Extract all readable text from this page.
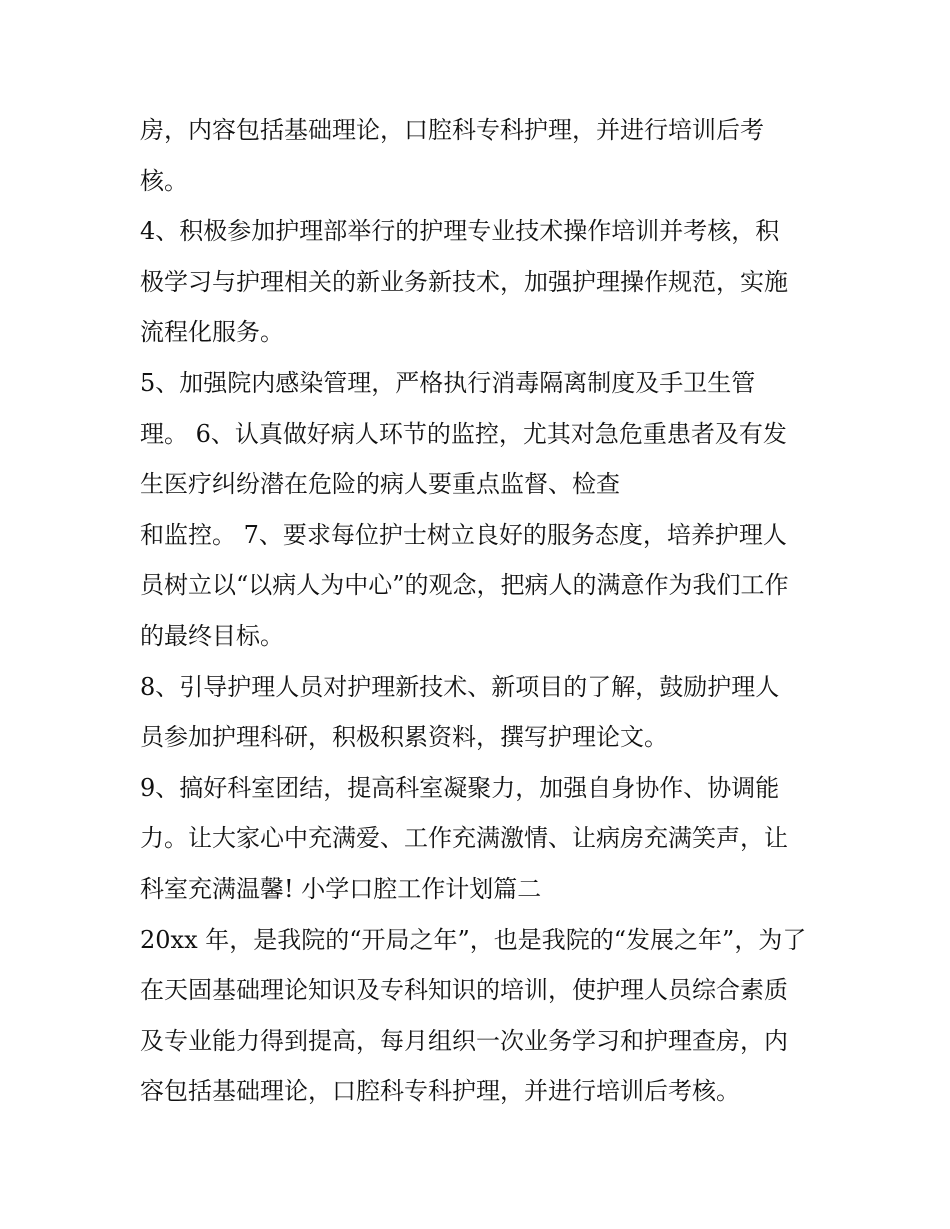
房，内容包括基础理论，口腔科专科护理，并进行培训后考
核。
4、积极参加护理部举行的护理专业技术操作培训并考核，积
极学习与护理相关的新业务新技术，加强护理操作规范，实施
流程化服务。
5、加强院内感染管理，严格执行消毒隔离制度及手卫生管
理。 6、认真做好病人环节的监控，尤其对急危重患者及有发
生医疗纠纷潜在危险的病人要重点监督、检查
和监控。 7、要求每位护士树立良好的服务态度，培养护理人
员树立以“以病人为中心”的观念，把病人的满意作为我们工作
的最终目标。
8、引导护理人员对护理新技术、新项目的了解，鼓励护理人
员参加护理科研，积极积累资料，撰写护理论文。
9、搞好科室团结，提高科室凝聚力，加强自身协作、协调能
力。让大家心中充满爱、工作充满激情、让病房充满笑声，让
科室充满温馨! 小学口腔工作计划篇二
20xx 年，是我院的“开局之年”，也是我院的“发展之年”，为了
在天固基础理论知识及专科知识的培训，使护理人员综合素质
及专业能力得到提高，每月组织一次业务学习和护理查房，内
容包括基础理论，口腔科专科护理，并进行培训后考核。
